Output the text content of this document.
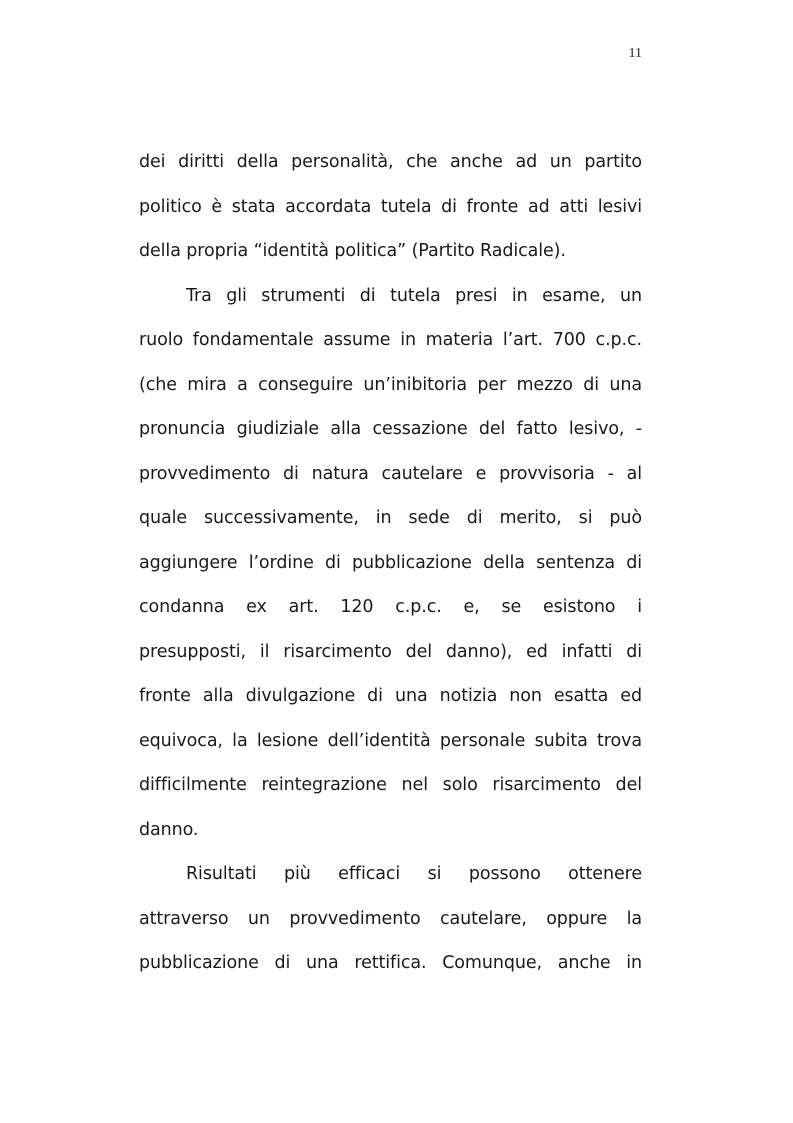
11
dei diritti della personalità, che anche ad un partito
politico è stata accordata tutela di fronte ad atti lesivi
della propria “identità politica” (Partito Radicale).
Tra gli strumenti di tutela presi in esame, un
ruolo fondamentale assume in materia l’art. 700 c.p.c.
(che mira a conseguire un’inibitoria per mezzo di una
pronuncia giudiziale alla cessazione del fatto lesivo, -
provvedimento di natura cautelare e provvisoria - al
quale successivamente, in sede di merito, si può
aggiungere l’ordine di pubblicazione della sentenza di
condanna ex art. 120 c.p.c. e, se esistono i
presupposti, il risarcimento del danno), ed infatti di
fronte alla divulgazione di una notizia non esatta ed
equivoca, la lesione dell’identità personale subita trova
difficilmente reintegrazione nel solo risarcimento del
danno.
Risultati più efficaci si possono ottenere
attraverso un provvedimento cautelare, oppure la
pubblicazione di una rettifica. Comunque, anche in
